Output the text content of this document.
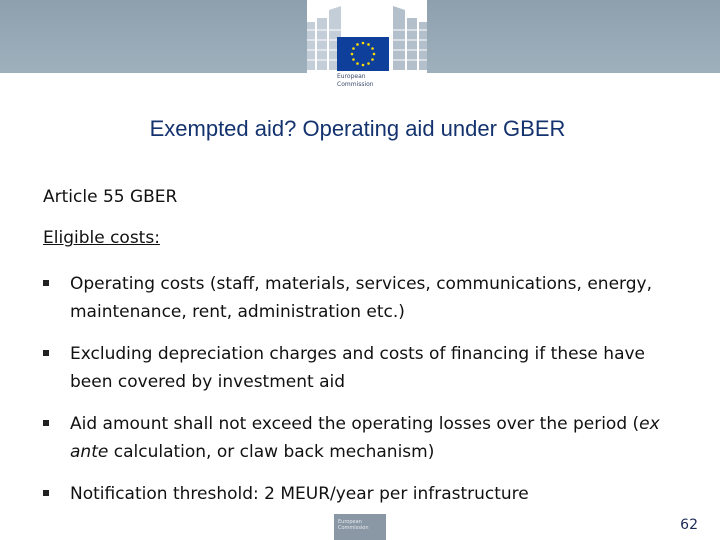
European
Commission
Exempted aid? Operating aid under GBER
Article 55 GBER
Eligible costs:
Operating costs (staff, materials, services, communications, energy, maintenance, rent, administration etc.)
Excluding depreciation charges and costs of financing if these have been covered by investment aid
Aid amount shall not exceed the operating losses over the period (ex ante calculation, or claw back mechanism)
Notification threshold: 2 MEUR/year per infrastructure
European Commission	62
